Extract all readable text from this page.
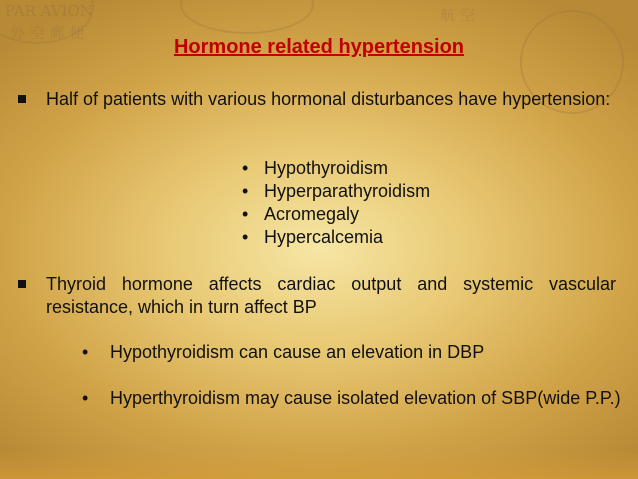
PAR AVION
外 空 郵 便
航 空
Hormone related hypertension
Half of patients with various hormonal disturbances have hypertension:
• Hypothyroidism
• Hyperparathyroidism
• Acromegaly
• Hypercalcemia
Thyroid hormone affects cardiac output and systemic vascular resistance, which in turn affect BP
•	Hypothyroidism can cause an elevation in DBP
•	Hyperthyroidism may cause isolated elevation of SBP(wide P.P.)
